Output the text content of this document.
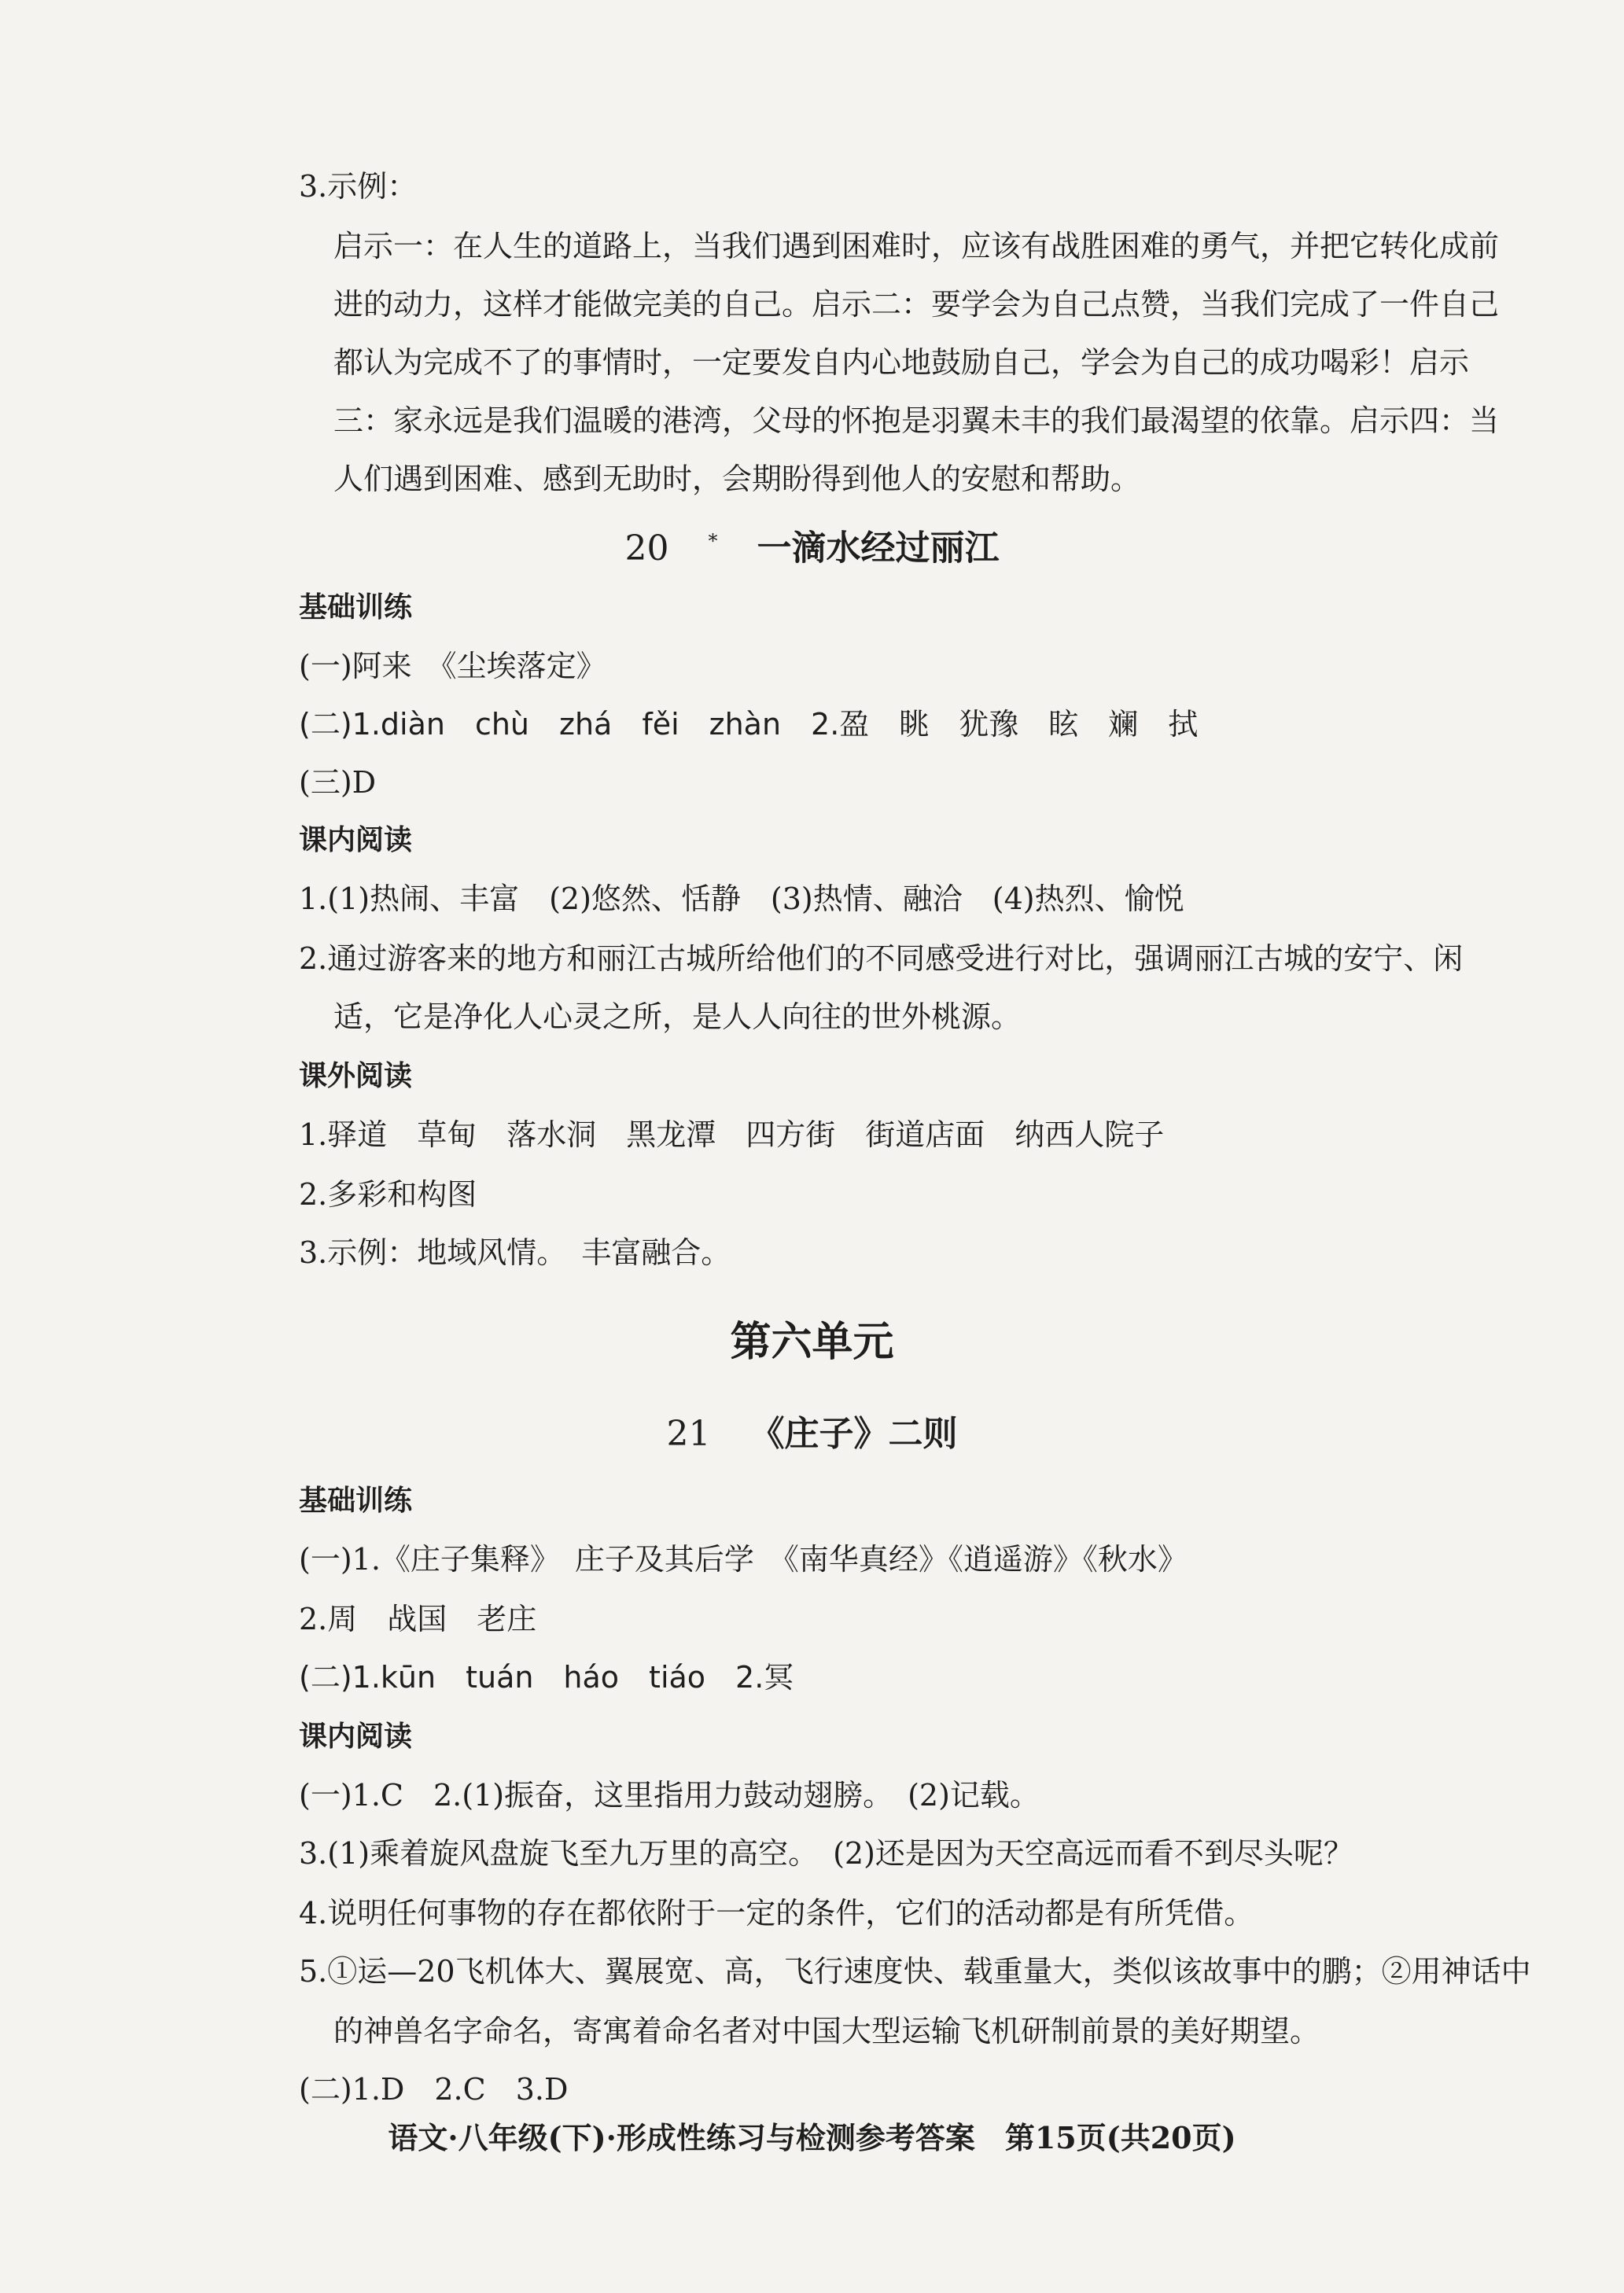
3.示例：
启示一：在人生的道路上，当我们遇到困难时，应该有战胜困难的勇气，并把它转化成前
进的动力，这样才能做完美的自己。启示二：要学会为自己点赞，当我们完成了一件自己
都认为完成不了的事情时，一定要发自内心地鼓励自己，学会为自己的成功喝彩！启示
三：家永远是我们温暖的港湾，父母的怀抱是羽翼未丰的我们最渴望的依靠。启示四：当
人们遇到困难、感到无助时，会期盼得到他人的安慰和帮助。
20 * 一滴水经过丽江
基础训练
(一)阿来　《尘埃落定》
(二)1.diàn　chù　zhá　fěi　zhàn　2.盈　眺　犹豫　眩　斓　拭
(三)D
课内阅读
1.(1)热闹、丰富　(2)悠然、恬静　(3)热情、融洽　(4)热烈、愉悦
2.通过游客来的地方和丽江古城所给他们的不同感受进行对比，强调丽江古城的安宁、闲
适，它是净化人心灵之所，是人人向往的世外桃源。
课外阅读
1.驿道　草甸　落水洞　黑龙潭　四方街　街道店面　纳西人院子
2.多彩和构图
3.示例：地域风情。　丰富融合。
第六单元
21 《庄子》二则
基础训练
(一)1.《庄子集释》　庄子及其后学　《南华真经》《逍遥游》《秋水》
2.周　战国　老庄
(二)1.kūn　tuán　háo　tiáo　2.冥
课内阅读
(一)1.C　2.(1)振奋，这里指用力鼓动翅膀。　(2)记载。
3.(1)乘着旋风盘旋飞至九万里的高空。　(2)还是因为天空高远而看不到尽头呢？
4.说明任何事物的存在都依附于一定的条件，它们的活动都是有所凭借。
5.①运—20飞机体大、翼展宽、高，飞行速度快、载重量大，类似该故事中的鹏；②用神话中
的神兽名字命名，寄寓着命名者对中国大型运输飞机研制前景的美好期望。
(二)1.D　2.C　3.D
语文·八年级(下)·形成性练习与检测参考答案　第15页(共20页)
